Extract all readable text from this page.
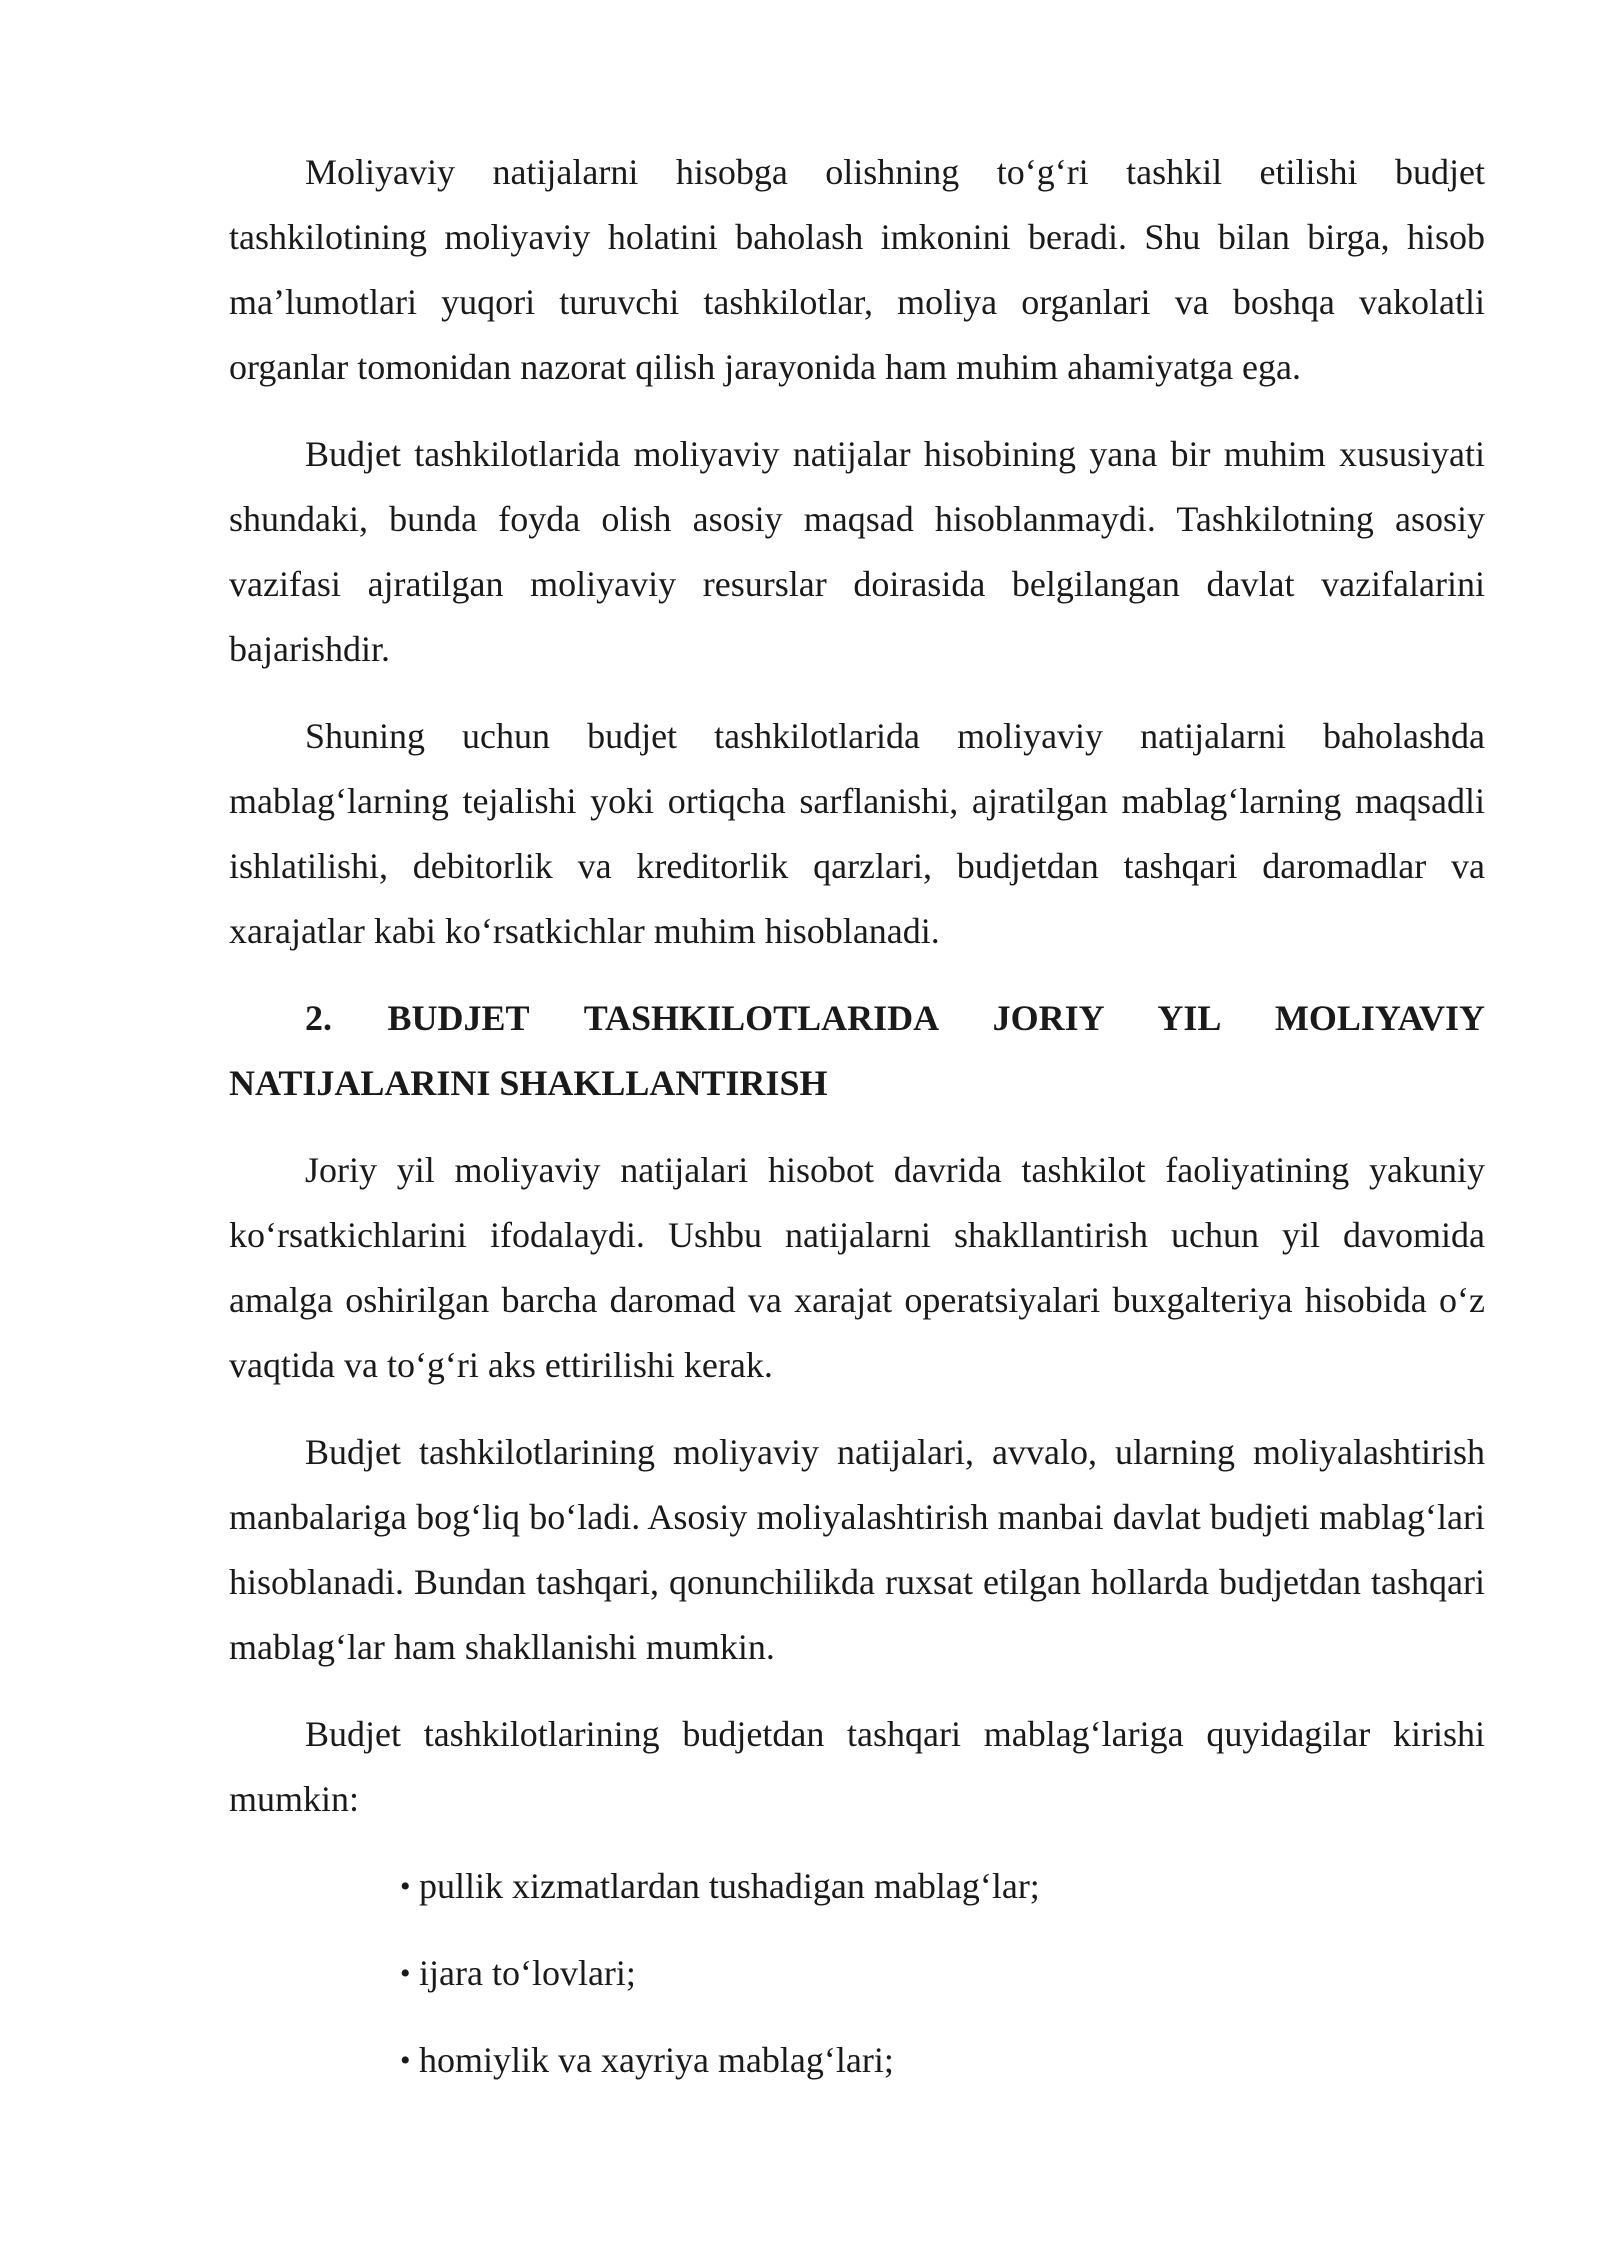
Moliyaviy natijalarni hisobga olishning to‘g‘ri tashkil etilishi budjet tashkilotining moliyaviy holatini baholash imkonini beradi. Shu bilan birga, hisob ma’lumotlari yuqori turuvchi tashkilotlar, moliya organlari va boshqa vakolatli organlar tomonidan nazorat qilish jarayonida ham muhim ahamiyatga ega.

Budjet tashkilotlarida moliyaviy natijalar hisobining yana bir muhim xususiyati shundaki, bunda foyda olish asosiy maqsad hisoblanmaydi. Tashkilotning asosiy vazifasi ajratilgan moliyaviy resurslar doirasida belgilangan davlat vazifalarini bajarishdir.

Shuning uchun budjet tashkilotlarida moliyaviy natijalarni baholashda mablag‘larning tejalishi yoki ortiqcha sarflanishi, ajratilgan mablag‘larning maqsadli ishlatilishi, debitorlik va kreditorlik qarzlari, budjetdan tashqari daromadlar va xarajatlar kabi ko‘rsatkichlar muhim hisoblanadi.

2. BUDJET TASHKILOTLARIDA JORIY YIL MOLIYAVIY NATIJALARINI SHAKLLANTIRISH

Joriy yil moliyaviy natijalari hisobot davrida tashkilot faoliyatining yakuniy ko‘rsatkichlarini ifodalaydi. Ushbu natijalarni shakllantirish uchun yil davomida amalga oshirilgan barcha daromad va xarajat operatsiyalari buxgalteriya hisobida o‘z vaqtida va to‘g‘ri aks ettirilishi kerak.

Budjet tashkilotlarining moliyaviy natijalari, avvalo, ularning moliyalashtirish manbalariga bog‘liq bo‘ladi. Asosiy moliyalashtirish manbai davlat budjeti mablag‘lari hisoblanadi. Bundan tashqari, qonunchilikda ruxsat etilgan hollarda budjetdan tashqari mablag‘lar ham shakllanishi mumkin.

Budjet tashkilotlarining budjetdan tashqari mablag‘lariga quyidagilar kirishi mumkin:

• pullik xizmatlardan tushadigan mablag‘lar;
• ijara to‘lovlari;
• homiylik va xayriya mablag‘lari;
